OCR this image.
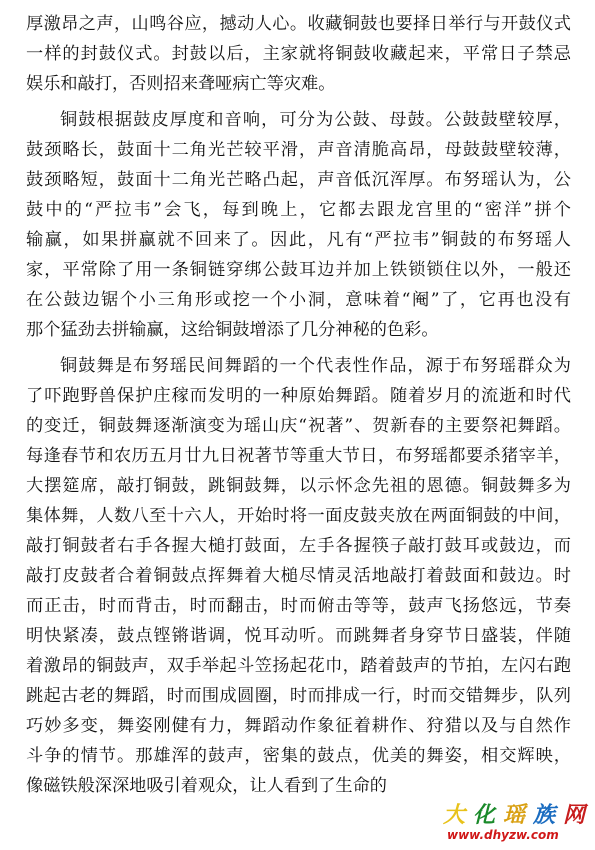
厚激昂之声，山鸣谷应，撼动人心。收藏铜鼓也要择日举行与开鼓仪式
一样的封鼓仪式。封鼓以后，主家就将铜鼓收藏起来，平常日子禁忌
娱乐和敲打，否则招来聋哑病亡等灾难。
铜鼓根据鼓皮厚度和音响，可分为公鼓、母鼓。公鼓鼓壁较厚，
鼓颈略长，鼓面十二角光芒较平滑，声音清脆高昂，母鼓鼓壁较薄，
鼓颈略短，鼓面十二角光芒略凸起，声音低沉浑厚。布努瑶认为，公
鼓中的“严拉韦”会飞，每到晚上，它都去跟龙宫里的“密洋”拼个
输赢，如果拼赢就不回来了。因此，凡有“严拉韦”铜鼓的布努瑶人
家，平常除了用一条铜链穿绑公鼓耳边并加上铁锁锁住以外，一般还
在公鼓边锯个小三角形或挖一个小洞，意味着“阉”了，它再也没有
那个猛劲去拼输赢，这给铜鼓增添了几分神秘的色彩。
铜鼓舞是布努瑶民间舞蹈的一个代表性作品，源于布努瑶群众为
了吓跑野兽保护庄稼而发明的一种原始舞蹈。随着岁月的流逝和时代
的变迁，铜鼓舞逐渐演变为瑶山庆“祝著”、贺新春的主要祭祀舞蹈。
每逢春节和农历五月廿九日祝著节等重大节日，布努瑶都要杀猪宰羊，
大摆筵席，敲打铜鼓，跳铜鼓舞，以示怀念先祖的恩德。铜鼓舞多为
集体舞，人数八至十六人，开始时将一面皮鼓夹放在两面铜鼓的中间，
敲打铜鼓者右手各握大槌打鼓面，左手各握筷子敲打鼓耳或鼓边，而
敲打皮鼓者合着铜鼓点挥舞着大槌尽情灵活地敲打着鼓面和鼓边。时
而正击，时而背击，时而翻击，时而俯击等等，鼓声飞扬悠远，节奏
明快紧凑，鼓点铿锵谐调，悦耳动听。而跳舞者身穿节日盛装，伴随
着激昂的铜鼓声，双手举起斗笠扬起花巾，踏着鼓声的节拍，左闪右跑
跳起古老的舞蹈，时而围成圆圈，时而排成一行，时而交错舞步，队列
巧妙多变，舞姿刚健有力，舞蹈动作象征着耕作、狩猎以及与自然作
斗争的情节。那雄浑的鼓声，密集的鼓点，优美的舞姿，相交辉映，
像磁铁般深深地吸引着观众，让人看到了生命的
大 化 瑶 族 网
www.dhyzw.com
